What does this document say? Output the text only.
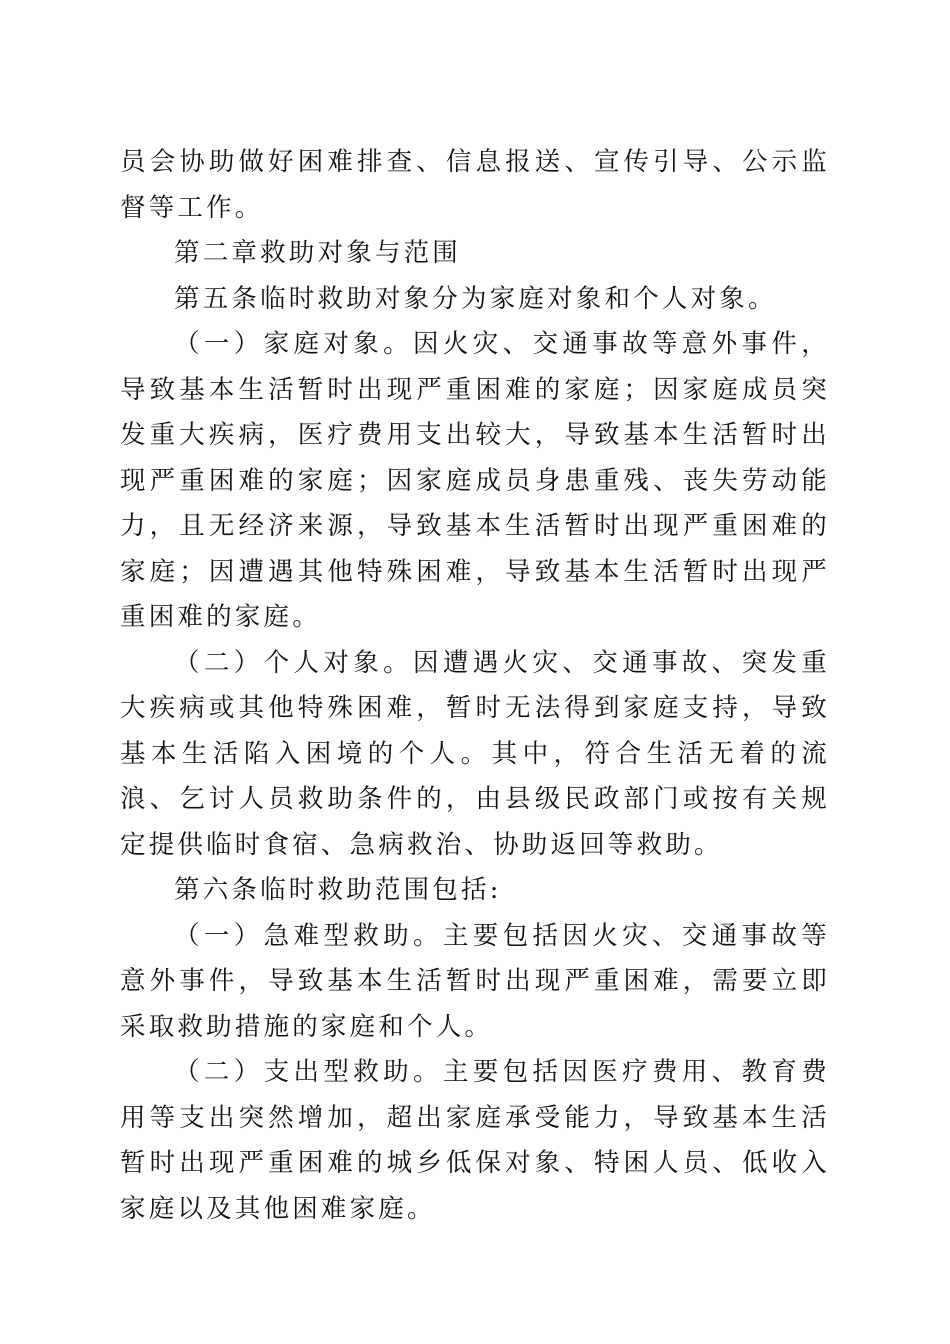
员会协助做好困难排查、信息报送、宣传引导、公示监督等工作。

第二章救助对象与范围

第五条临时救助对象分为家庭对象和个人对象。

（一）家庭对象。因火灾、交通事故等意外事件，导致基本生活暂时出现严重困难的家庭；因家庭成员突发重大疾病，医疗费用支出较大，导致基本生活暂时出现严重困难的家庭；因家庭成员身患重残、丧失劳动能力，且无经济来源，导致基本生活暂时出现严重困难的家庭；因遭遇其他特殊困难，导致基本生活暂时出现严重困难的家庭。

（二）个人对象。因遭遇火灾、交通事故、突发重大疾病或其他特殊困难，暂时无法得到家庭支持，导致基本生活陷入困境的个人。其中，符合生活无着的流浪、乞讨人员救助条件的，由县级民政部门或按有关规定提供临时食宿、急病救治、协助返回等救助。

第六条临时救助范围包括:

（一）急难型救助。主要包括因火灾、交通事故等意外事件，导致基本生活暂时出现严重困难，需要立即采取救助措施的家庭和个人。

（二）支出型救助。主要包括因医疗费用、教育费用等支出突然增加，超出家庭承受能力，导致基本生活暂时出现严重困难的城乡低保对象、特困人员、低收入家庭以及其他困难家庭。
